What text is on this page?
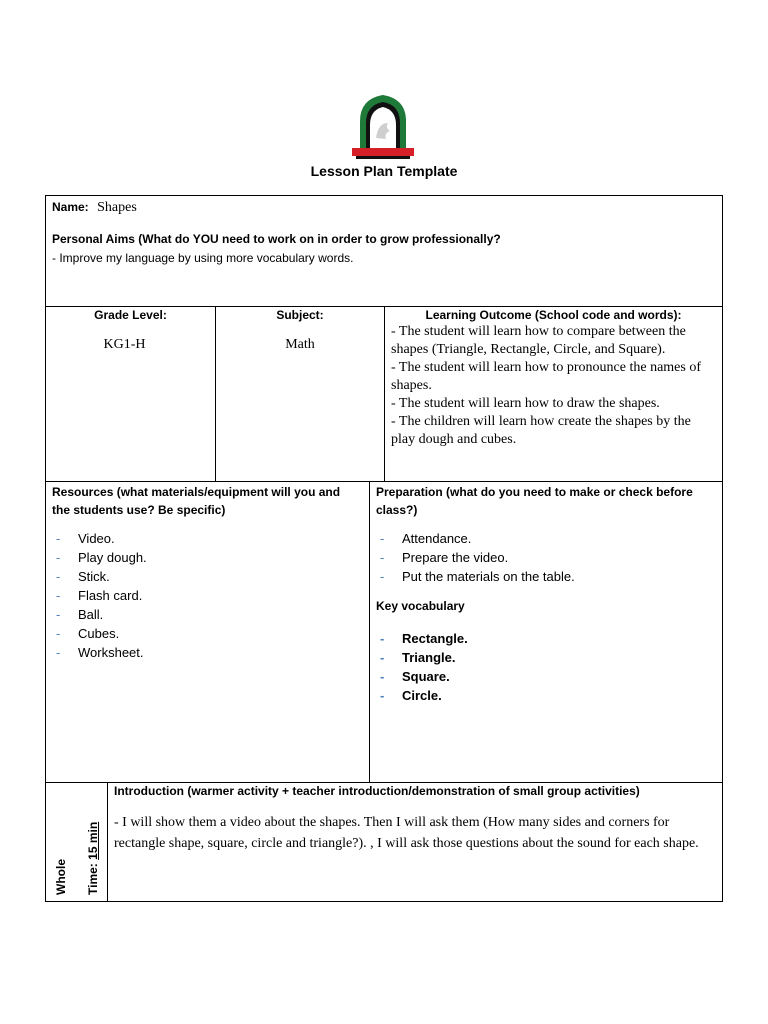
Lesson Plan Template
Name: Shapes
Personal Aims (What do YOU need to work on in order to grow professionally?
- Improve my language by using more vocabulary words.
Grade Level:
KG1-H
Subject:
Math
Learning Outcome (School code and words):
- The student will learn how to compare between the shapes (Triangle, Rectangle, Circle, and Square).
- The student will learn how to pronounce the names of shapes.
- The student will learn how to draw the shapes.
- The children will learn how create the shapes by the play dough and cubes.
Resources (what materials/equipment will you and
the students use? Be specific)
- Video.
- Play dough.
- Stick.
- Flash card.
- Ball.
- Cubes.
- Worksheet.
Preparation (what do you need to make or check before
class?)
- Attendance.
- Prepare the video.
- Put the materials on the table.
Key vocabulary
- Rectangle.
- Triangle.
- Square.
- Circle.
Whole Time: 15 min
Introduction (warmer activity + teacher introduction/demonstration of small group activities)
- I will show them a video about the shapes. Then I will ask them (How many sides and corners for rectangle shape, square, circle and triangle?). , I will ask those questions about the sound for each shape.
